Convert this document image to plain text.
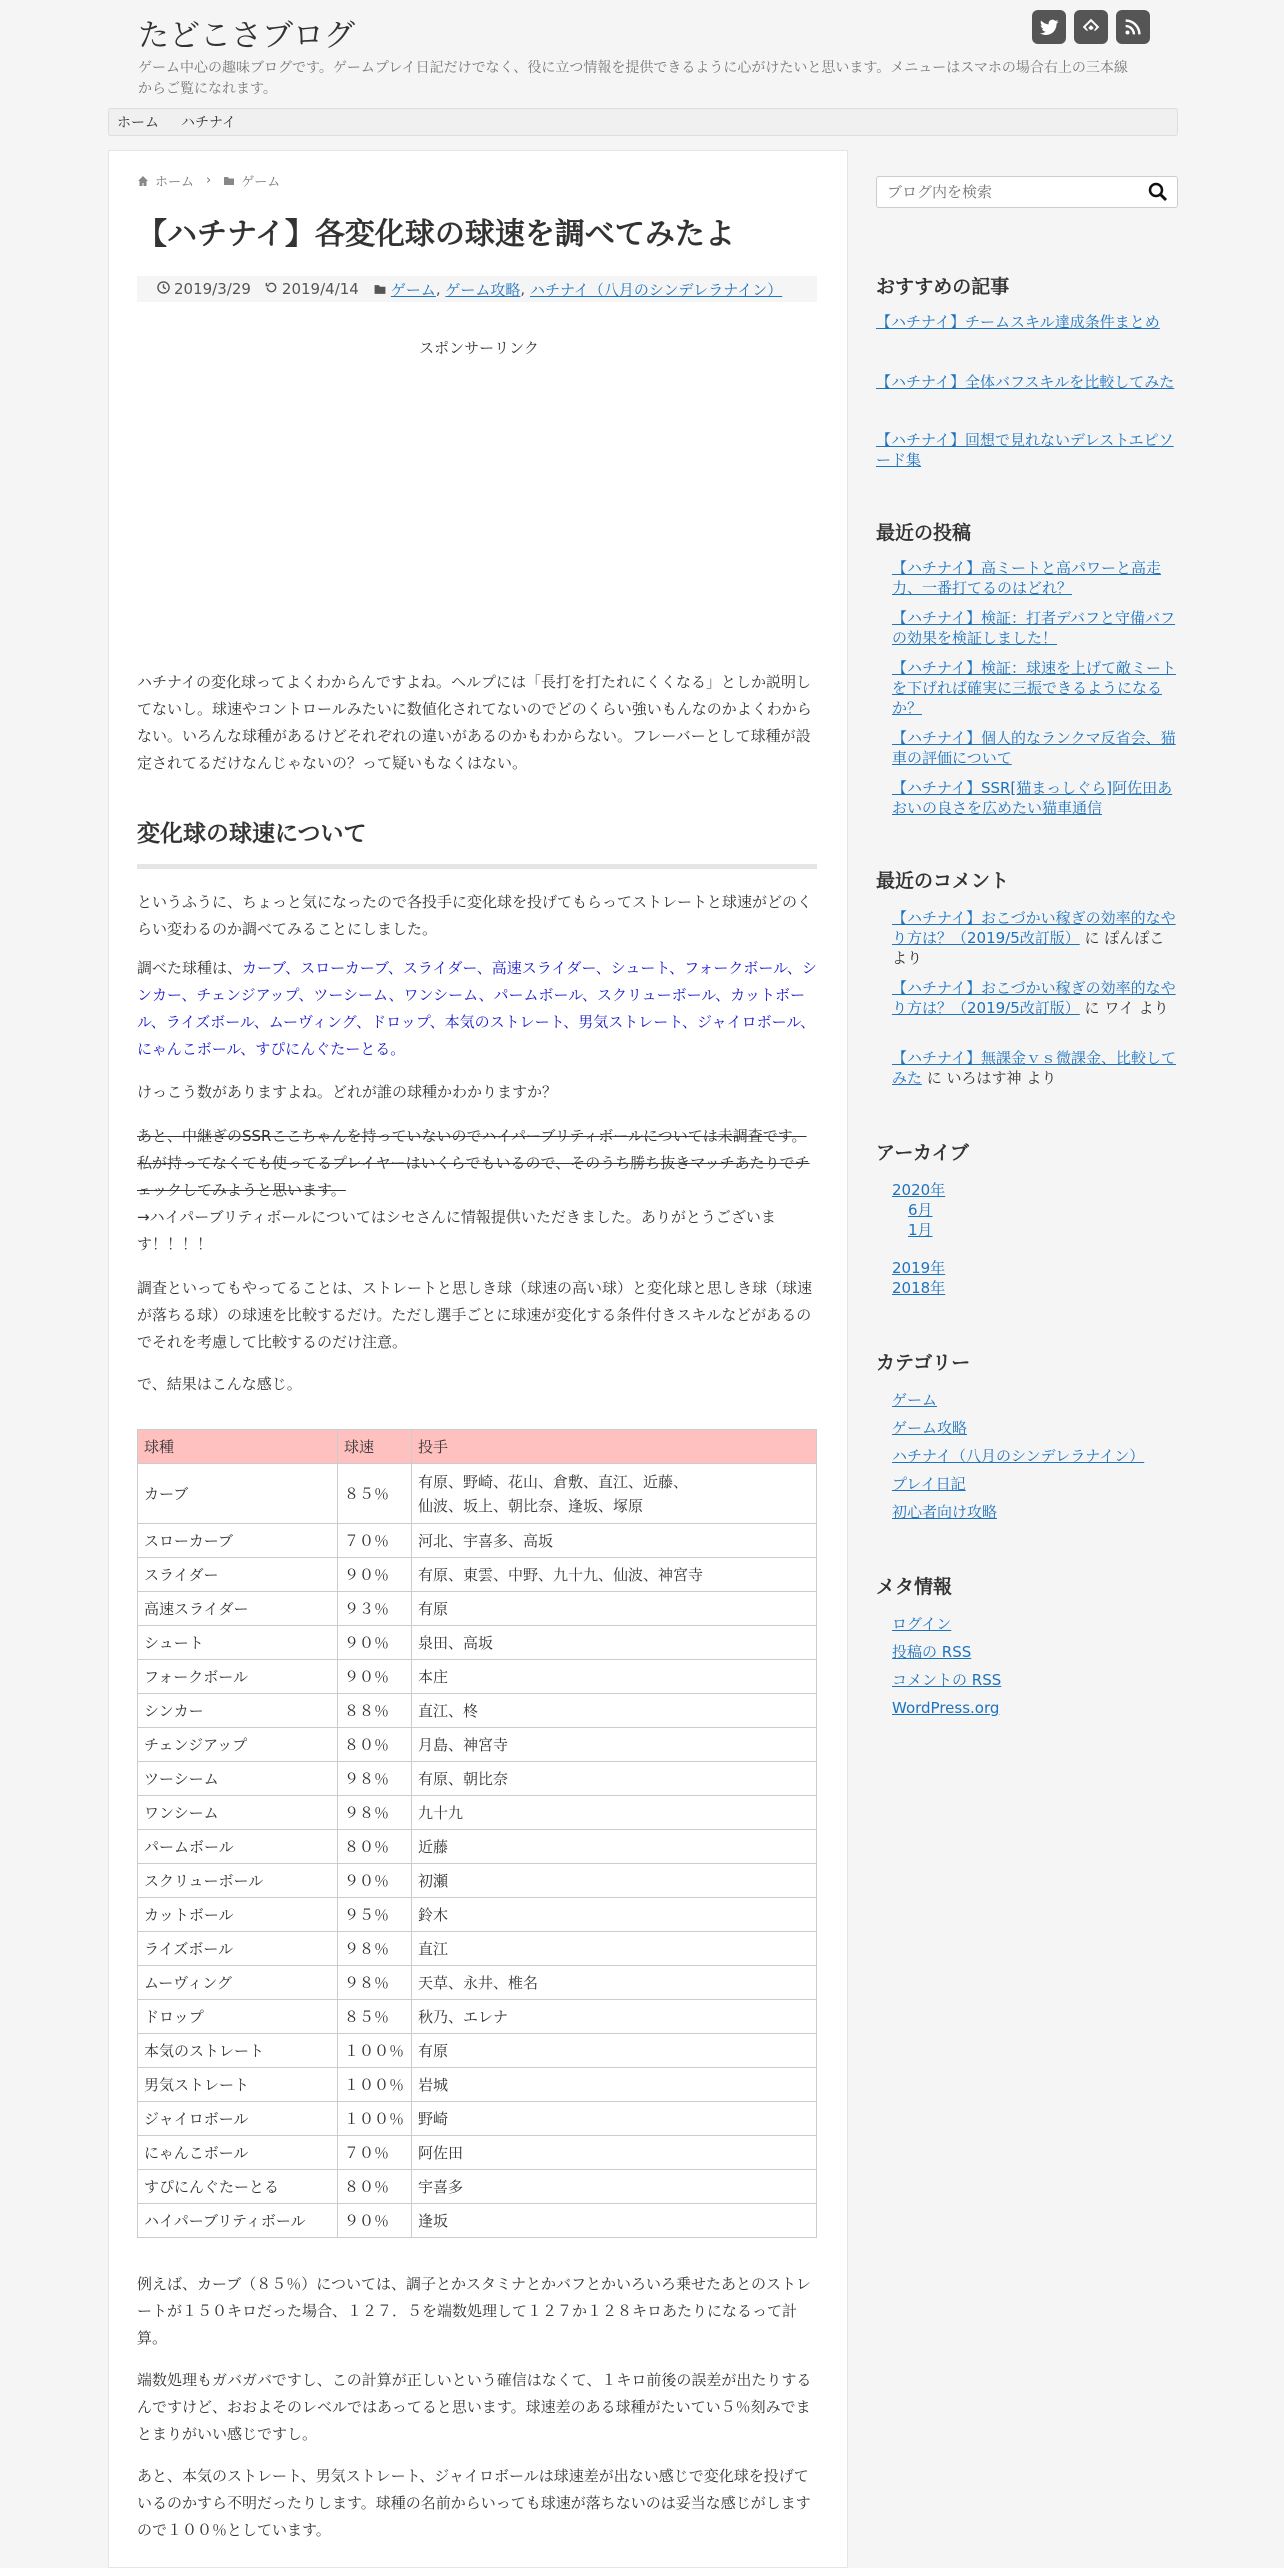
たどこさブログ
ゲーム中心の趣味ブログです。ゲームプレイ日記だけでなく、役に立つ情報を提供できるように心がけたいと思います。メニューはスマホの場合右上の三本線からご覧になれます。
ホーム ハチナイ
ホーム › ゲーム
【ハチナイ】各変化球の球速を調べてみたよ
2019/3/29 2019/4/14 ゲーム , ゲーム攻略 , ハチナイ（八月のシンデレラナイン）
スポンサーリンク
ハチナイの変化球ってよくわからんですよね。ヘルプには「長打を打たれにくくなる」としか説明してないし。球速やコントロールみたいに数値化されてないのでどのくらい強いもんなのかよくわからない。いろんな球種があるけどそれぞれの違いがあるのかもわからない。フレーバーとして球種が設定されてるだけなんじゃないの？って疑いもなくはない。
変化球の球速について
というふうに、ちょっと気になったので各投手に変化球を投げてもらってストレートと球速がどのくらい変わるのか調べてみることにしました。
調べた球種は、カーブ、スローカーブ、スライダー、高速スライダー、シュート、フォークボール、シンカー、チェンジアップ、ツーシーム、ワンシーム、パームボール、スクリューボール、カットボール、ライズボール、ムーヴィング、ドロップ、本気のストレート、男気ストレート、ジャイロボール、にゃんこボール、すぴにんぐたーとる。
けっこう数がありますよね。どれが誰の球種かわかりますか？
あと、中継ぎのSSRここちゃんを持っていないのでハイパーブリティボールについては未調査です。私が持ってなくても使ってるプレイヤーはいくらでもいるので、そのうち勝ち抜きマッチあたりでチェックしてみようと思います。
→ハイパーブリティボールについてはシセさんに情報提供いただきました。ありがとうございます！！！！
調査といってもやってることは、ストレートと思しき球（球速の高い球）と変化球と思しき球（球速が落ちる球）の球速を比較するだけ。ただし選手ごとに球速が変化する条件付きスキルなどがあるのでそれを考慮して比較するのだけ注意。
で、結果はこんな感じ。
球種	球速	投手
カーブ	８５％	有原、野崎、花山、倉敷、直江、近藤、
仙波、坂上、朝比奈、逢坂、塚原
スローカーブ	７０％	河北、宇喜多、高坂
スライダー	９０％	有原、東雲、中野、九十九、仙波、神宮寺
高速スライダー	９３％	有原
シュート	９０％	泉田、高坂
フォークボール	９０％	本庄
シンカー	８８％	直江、柊
チェンジアップ	８０％	月島、神宮寺
ツーシーム	９８％	有原、朝比奈
ワンシーム	９８％	九十九
パームボール	８０％	近藤
スクリューボール	９０％	初瀬
カットボール	９５％	鈴木
ライズボール	９８％	直江
ムーヴィング	９８％	天草、永井、椎名
ドロップ	８５％	秋乃、エレナ
本気のストレート	１００％	有原
男気ストレート	１００％	岩城
ジャイロボール	１００％	野崎
にゃんこボール	７０％	阿佐田
すぴにんぐたーとる	８０％	宇喜多
ハイパーブリティボール	９０％	逢坂
例えば、カーブ（８５％）については、調子とかスタミナとかバフとかいろいろ乗せたあとのストレートが１５０キロだった場合、１２７．５を端数処理して１２７か１２８キロあたりになるって計算。
端数処理もガバガバですし、この計算が正しいという確信はなくて、１キロ前後の誤差が出たりするんですけど、おおよそのレベルではあってると思います。球速差のある球種がたいてい５％刻みでまとまりがいい感じですし。
あと、本気のストレート、男気ストレート、ジャイロボールは球速差が出ない感じで変化球を投げているのかすら不明だったりします。球種の名前からいっても球速が落ちないのは妥当な感じがしますので１００％としています。
ブログ内を検索
おすすめの記事
【ハチナイ】チームスキル達成条件まとめ
【ハチナイ】全体バフスキルを比較してみた
【ハチナイ】回想で見れないデレストエピソード集
最近の投稿
【ハチナイ】高ミートと高パワーと高走力、一番打てるのはどれ？
【ハチナイ】検証：打者デバフと守備バフの効果を検証しました！
【ハチナイ】検証：球速を上げて敵ミートを下げれば確実に三振できるようになるか？
【ハチナイ】個人的なランクマ反省会、猫車の評価について
【ハチナイ】SSR[猫まっしぐら]阿佐田あおいの良さを広めたい猫車通信
最近のコメント
【ハチナイ】おこづかい稼ぎの効率的なやり方は？（2019/5改訂版） に ぽんぽこ より
【ハチナイ】おこづかい稼ぎの効率的なやり方は？（2019/5改訂版） に ワイ より
【ハチナイ】無課金ｖｓ微課金、比較してみた に いろはす神 より
アーカイブ
2020年
6月
1月
2019年
2018年
カテゴリー
ゲーム
ゲーム攻略
ハチナイ（八月のシンデレラナイン）
プレイ日記
初心者向け攻略
メタ情報
ログイン
投稿の RSS
コメントの RSS
WordPress.org
